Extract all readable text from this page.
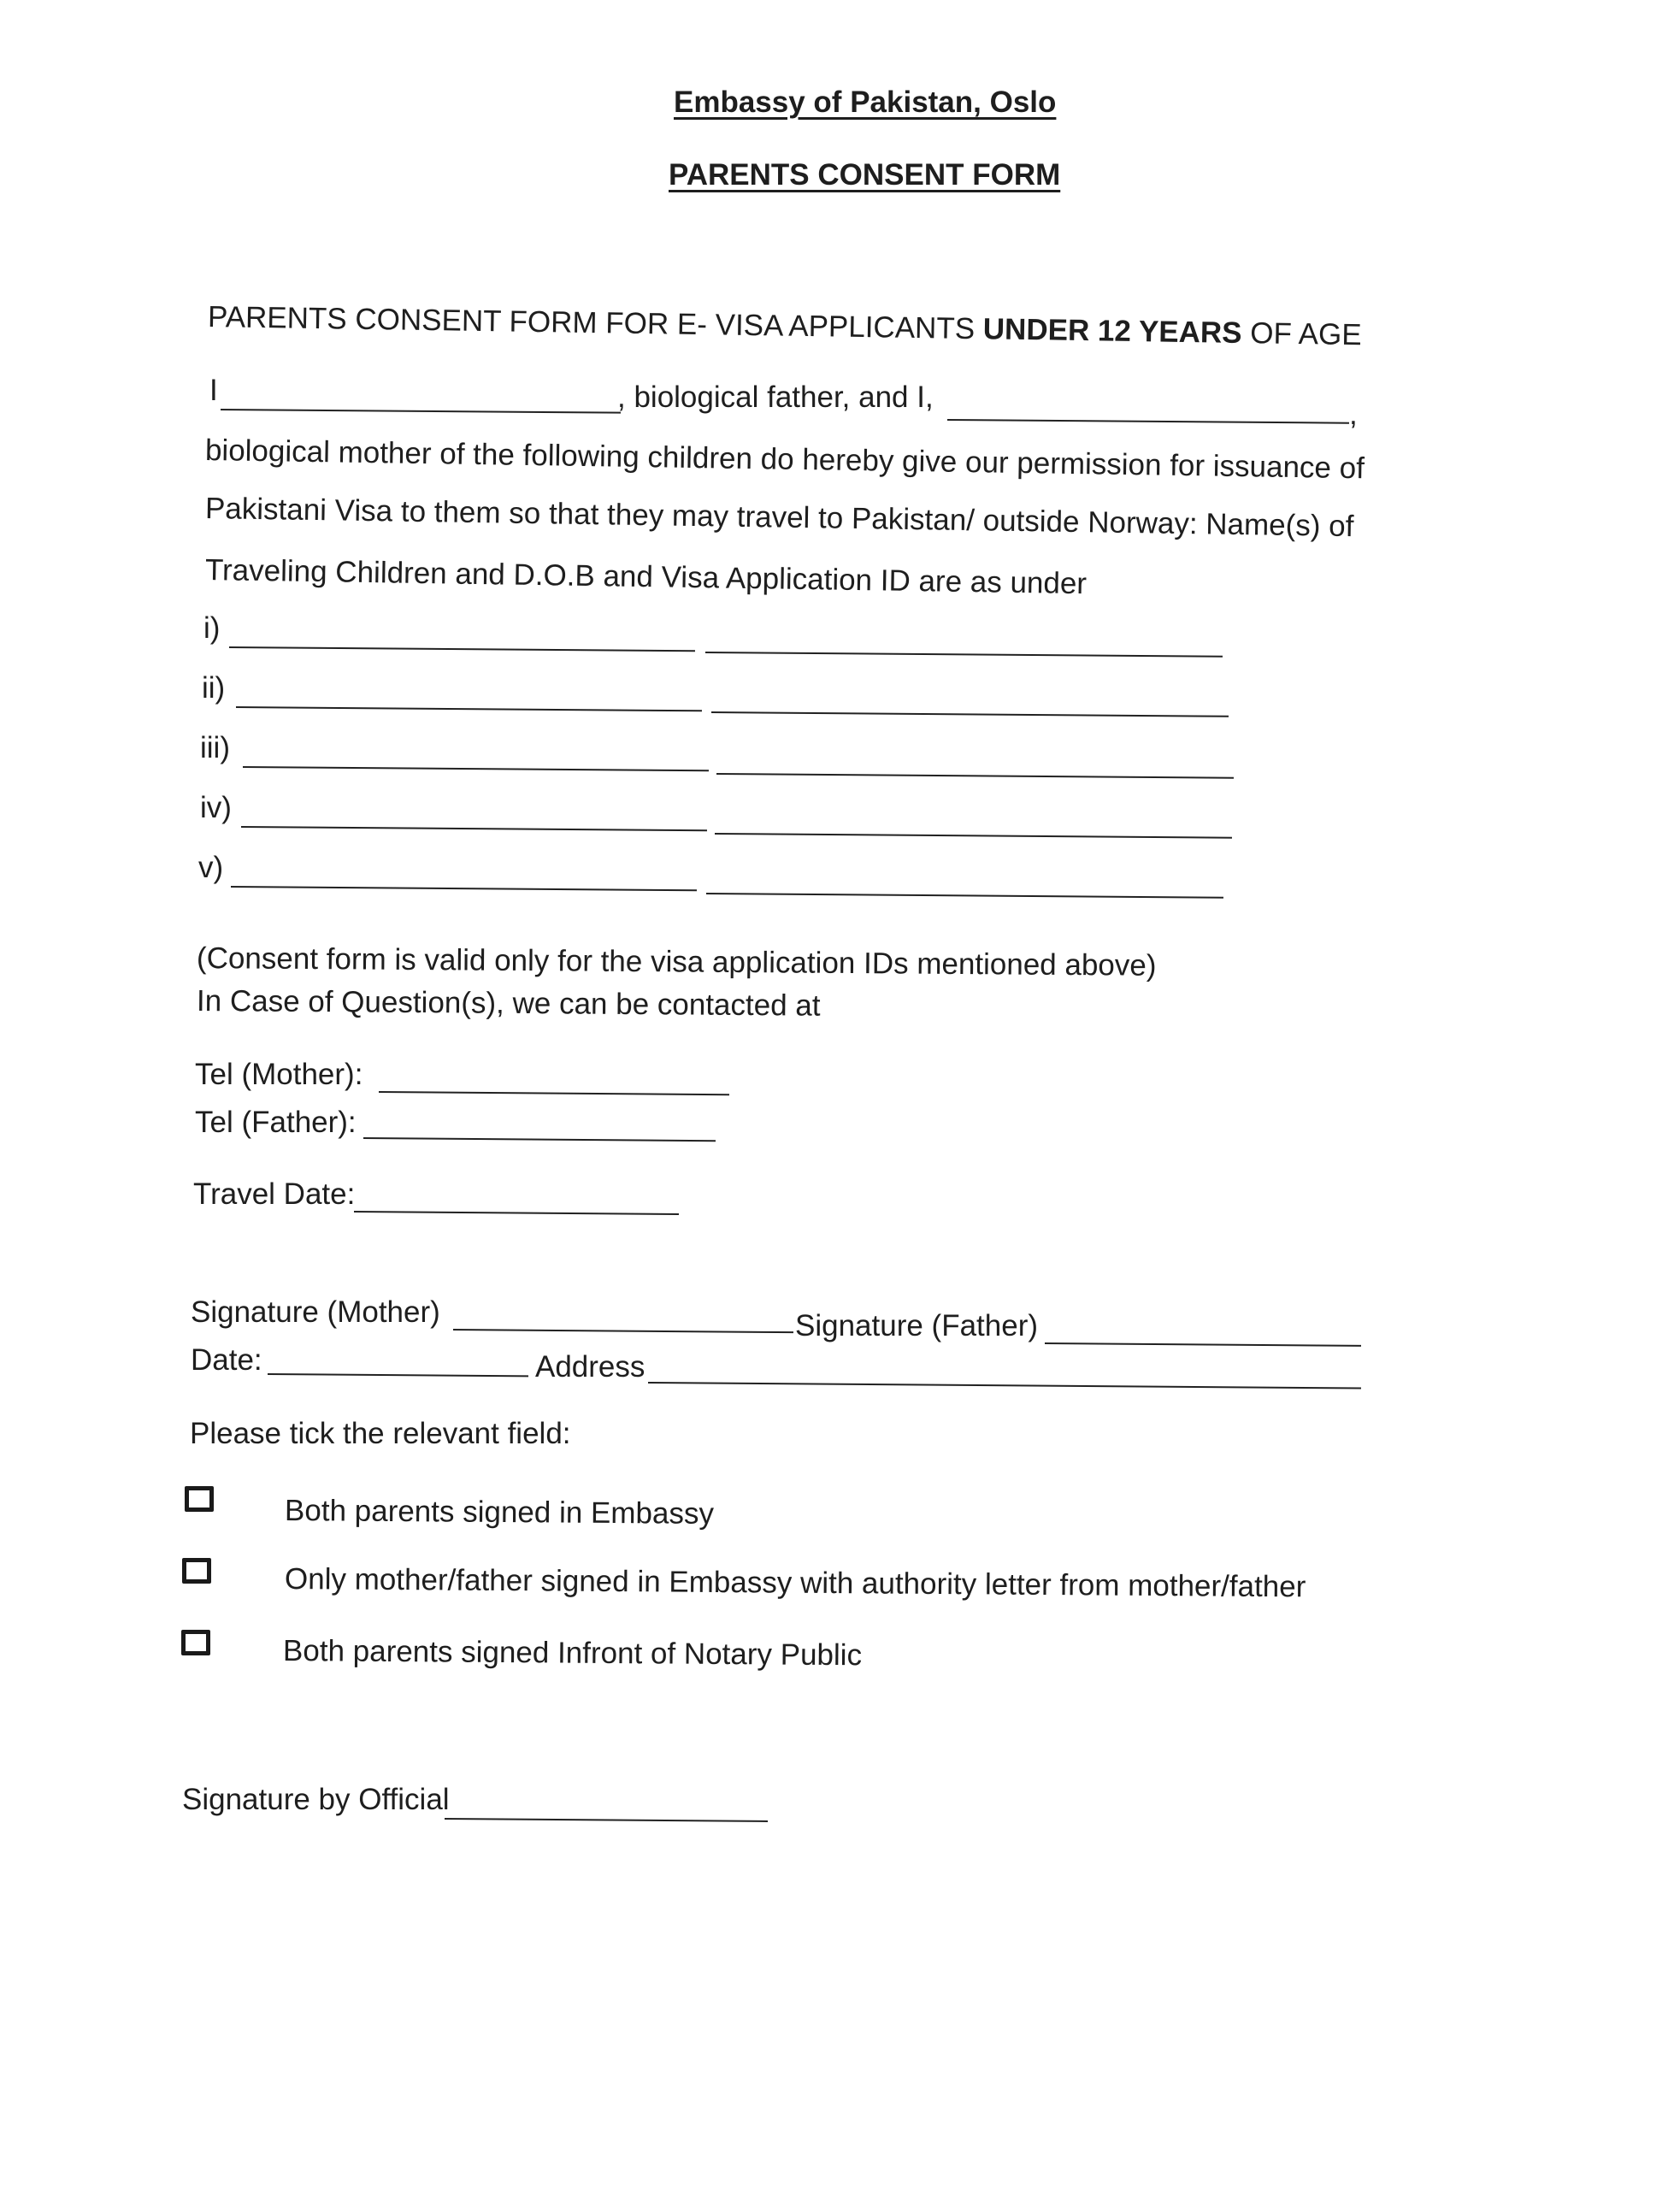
Embassy of Pakistan, Oslo
PARENTS CONSENT FORM
PARENTS CONSENT FORM FOR E- VISA APPLICANTS UNDER 12 YEARS OF AGE
I	, biological father, and I,
,
biological mother of the following children do hereby give our permission for issuance of
Pakistani Visa to them so that they may travel to Pakistan/ outside Norway: Name(s) of
Traveling Children and D.O.B and Visa Application ID are as under
i)
ii)
iii)
iv)
v)
(Consent form is valid only for the visa application IDs mentioned above)
In Case of Question(s), we can be contacted at
Tel (Mother):
Tel (Father):
Travel Date:
Signature (Mother)	Signature (Father)
Date:	Address
Please tick the relevant field:
Both parents signed in Embassy
Only mother/father signed in Embassy with authority letter from mother/father
Both parents signed Infront of Notary Public
Signature by Official
